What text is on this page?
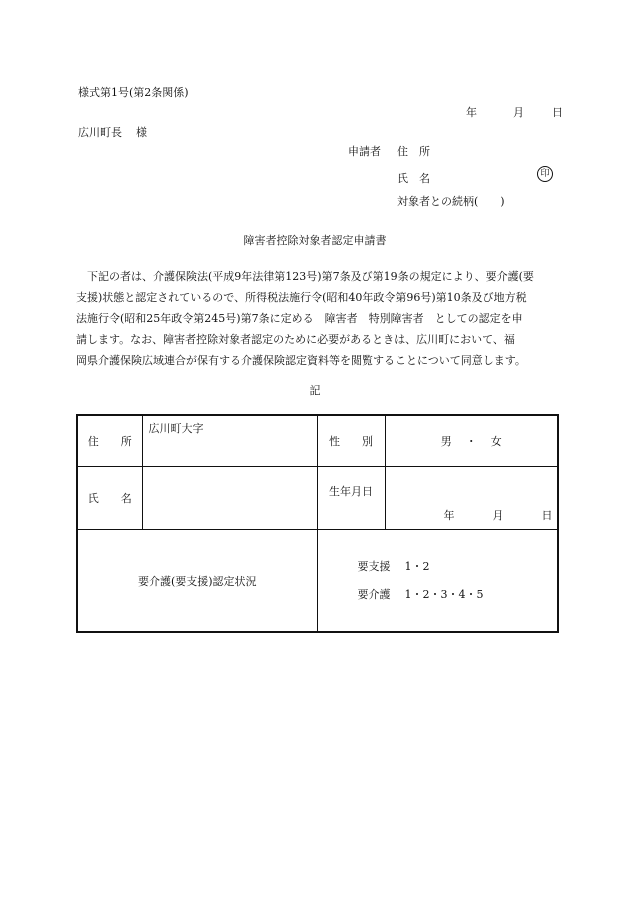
様式第1号(第2条関係)
年	月	日
広川町長 様
申請者 住　所
氏　名	印
対象者との続柄(　　)
障害者控除対象者認定申請書
下記の者は、介護保険法(平成9年法律第123号)第7条及び第19条の規定により、要介護(要
支援)状態と認定されているので、所得税法施行令(昭和40年政令第96号)第10条及び地方税
法施行令(昭和25年政令第245号)第7条に定める　障害者　特別障害者　としての認定を申
請します。なお、障害者控除対象者認定のために必要があるときは、広川町において、福
岡県介護保険広域連合が保有する介護保険認定資料等を閲覧することについて同意します。
記
住　　所	広川町大字	性　　別	男 ・ 女
氏　　名		生年月日	年 月 日

要介護(要支援)認定状況		要支援 1・2
要介護 1・2・3・4・5	
